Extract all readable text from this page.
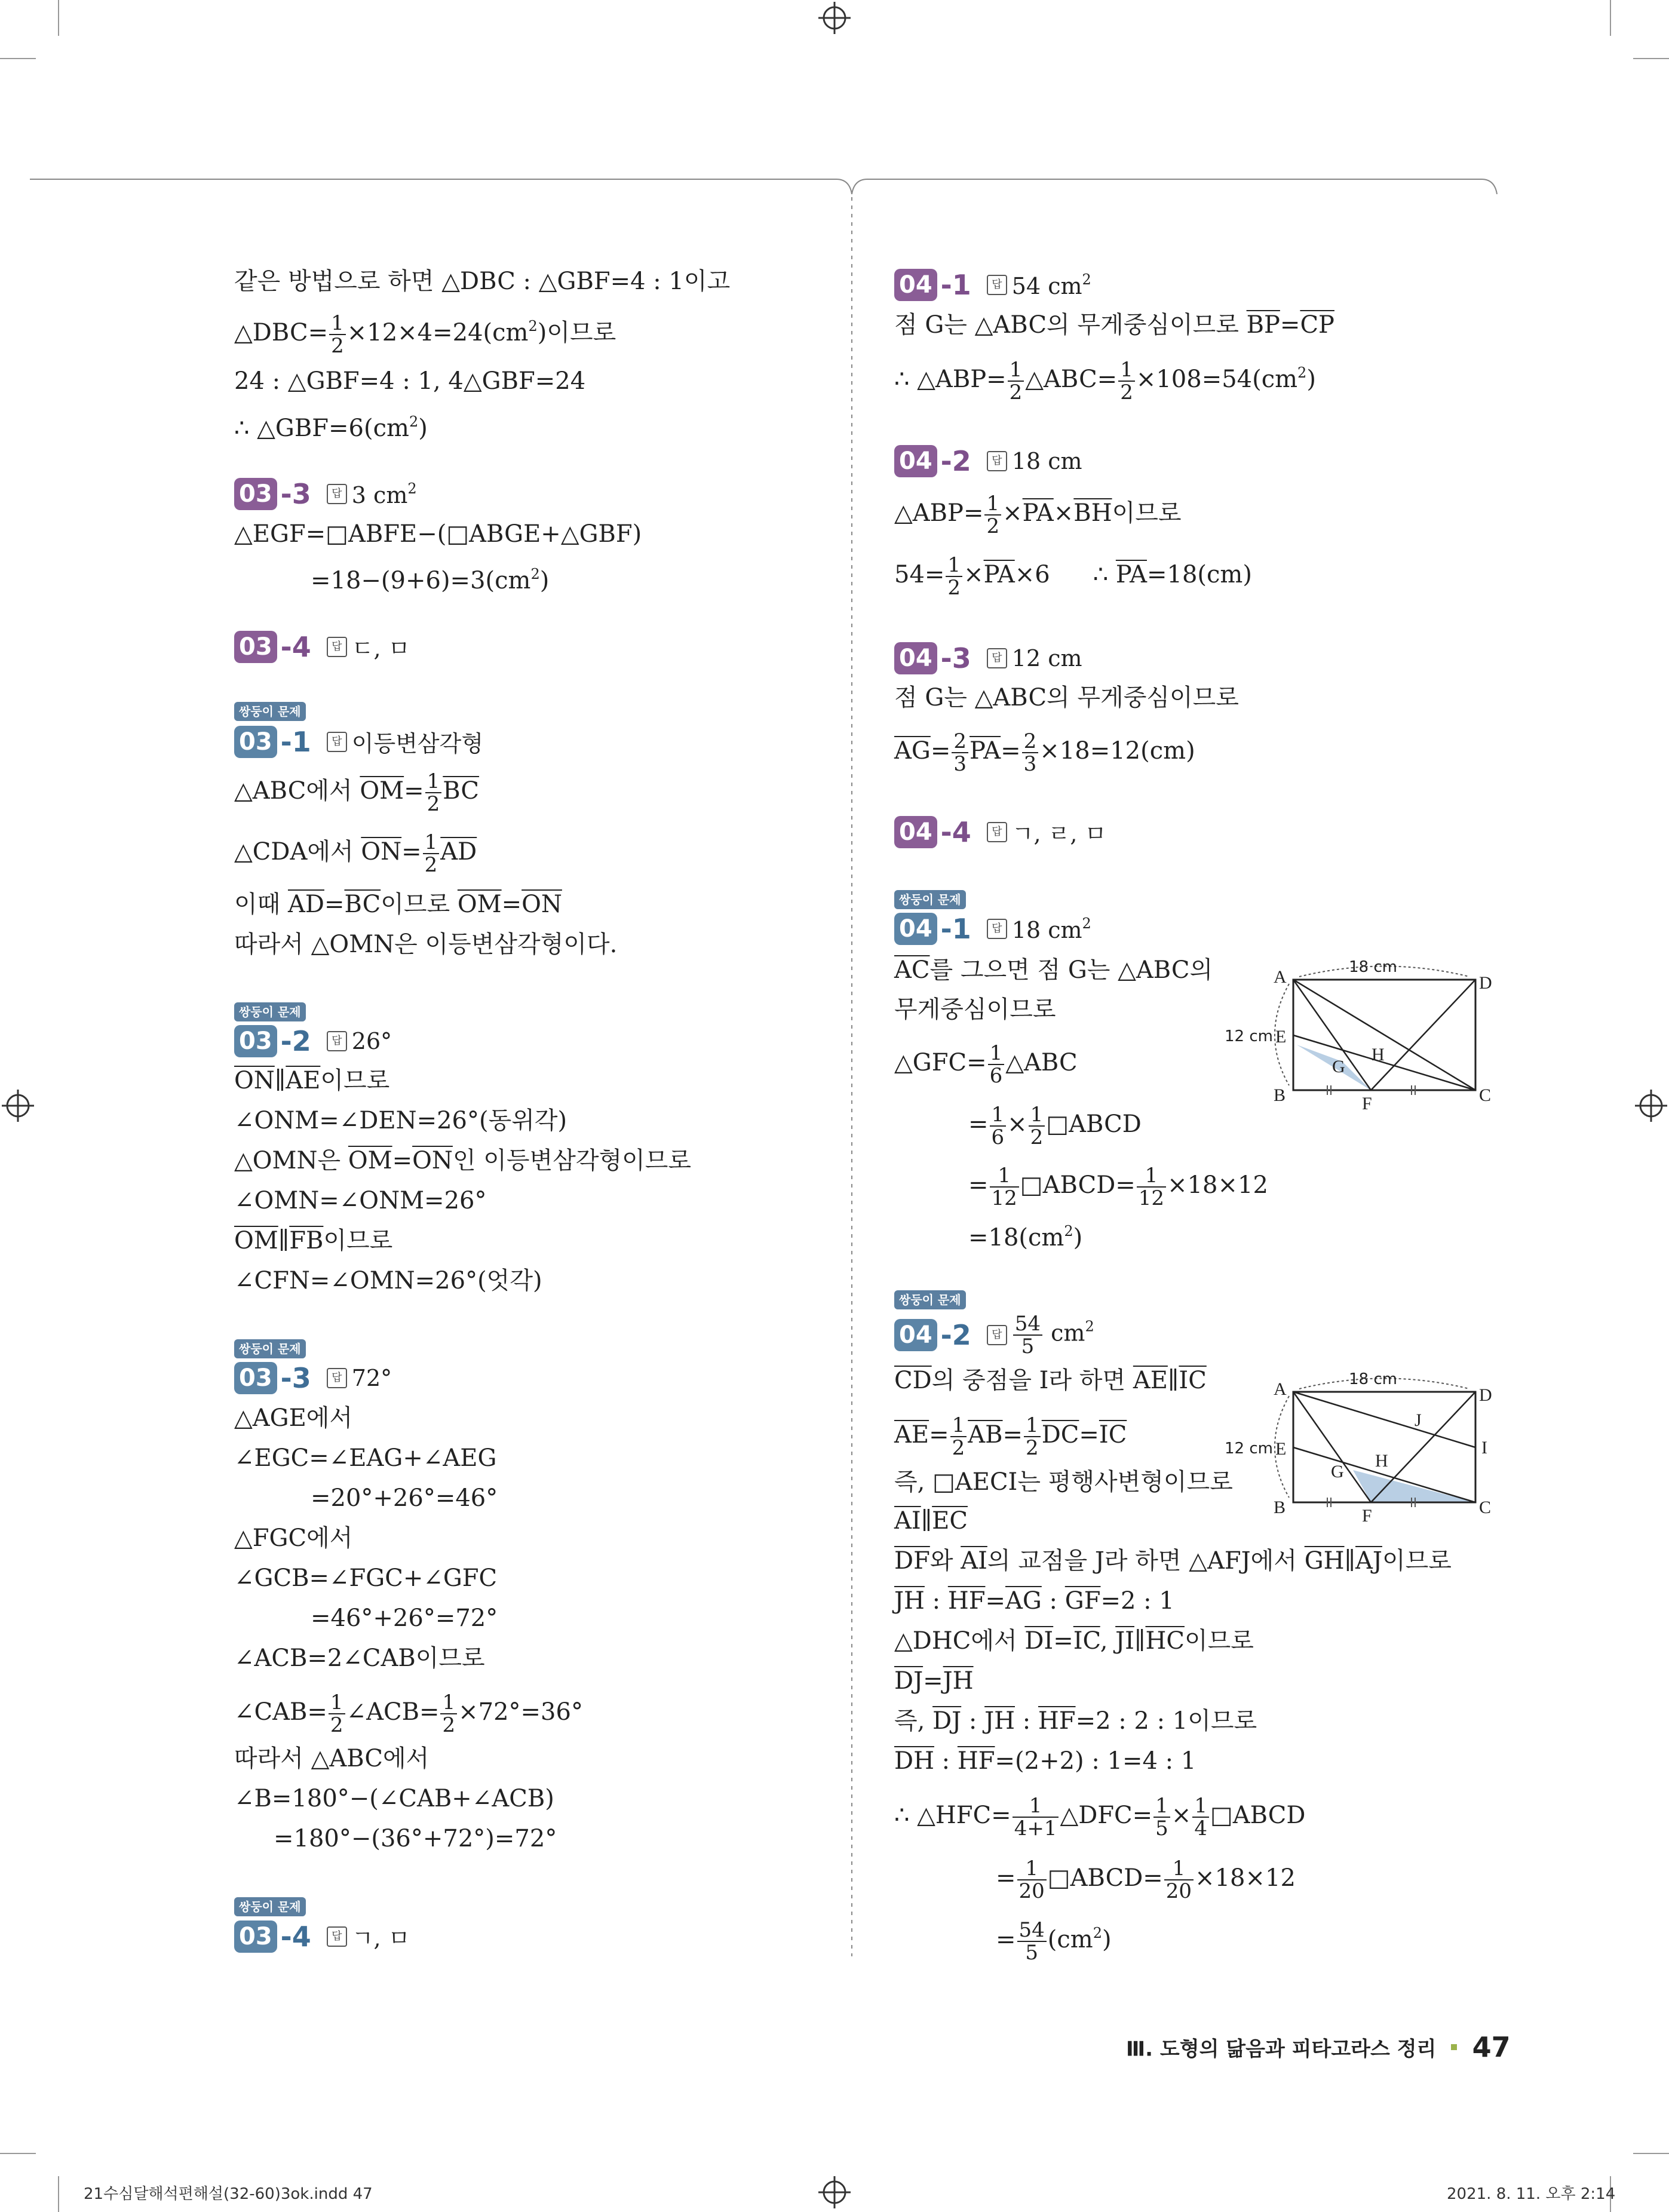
같은 방법으로 하면 △DBC : △GBF=4 : 1이고
△DBC= $\frac{1}{2} \times 12\times 4=24(cm^2)$이므로
24 : △GBF=4 : 1, 4△GBF=24
∴ $\triangle GBF=6(cm^2)$
03 -3 답 3 $cm^2$
△EGF=□ABFE−(□ABGE+△GBF)
$=18-(9+6)=3(cm^2)$
03 -4 답 ㄷ, ㅁ
쌍둥이 문제
03 -1 답 이등변삼각형
△ABC에서 $\overline{OM}= \frac{1}{2} \overline{BC}$
△CDA에서 $\overline{ON}= \frac{1}{2} \overline{AD}$
이때 $\overline{AD}=\overline{BC}$이므로 $\overline{OM}=\overline{ON}$
따라서 △OMN은 이등변삼각형이다.
쌍둥이 문제
03 -2 답 26°
$\overline{ON}\parallel\overline{AE}$이므로
∠ONM=∠DEN=26°(동위각)
△OMN은 $\overline{OM}=\overline{ON}$인 이등변삼각형이므로
∠OMN=∠ONM=26°
$\overline{OM}\parallel\overline{FB}$이므로
∠CFN=∠OMN=26°(엇각)
쌍둥이 문제
03 -3 답 72°
△AGE에서
∠EGC=∠EAG+∠AEG
=20°+26°=46°
△FGC에서
∠GCB=∠FGC+∠GFC
=46°+26°=72°
∠ACB=2∠CAB이므로
∠CAB= $\frac{1}{2}$ ∠ACB= $\frac{1}{2} \times 72^\circ=36^\circ$
따라서 △ABC에서
∠B=180°−(∠CAB+∠ACB)
=180°−(36°+72°)=72°
쌍둥이 문제
03 -4 답 ㄱ, ㅁ
04 -1 답 54 $cm^2$
점 G는 △ABC의 무게중심이므로 $\overline{BP}=\overline{CP}$
∴ △ABP= $\frac{1}{2}$ △ABC= $\frac{1}{2} \times 108=54(cm^2)$
04 -2 답 18 cm
△ABP= $\frac{1}{2} \times\overline{PA}\times\overline{BH}$이므로
$54= \frac{1}{2} \times\overline{PA}\times 6$ ∴ $\overline{PA}=18(cm)$
04 -3 답 12 cm
점 G는 △ABC의 무게중심이므로
$\overline{AG}= \frac{2}{3} \overline{PA}= \frac{2}{3} \times 18=12(cm)$
04 -4 답 ㄱ, ㄹ, ㅁ
쌍둥이 문제
04 -1 답 18 $cm^2$
$\overline{AC}$를 그으면 점 G는 △ABC의
무게중심이므로
△GFC= $\frac{1}{6}$ △ABC
= $\frac{1}{6} \times \frac{1}{2}$ □ABCD
= $\frac{1}{12}$ □ABCD= $\frac{1}{12} \times 18\times 12$
$=18(cm^2)$
쌍둥이 문제
04 -2 답 $\frac{54}{5} cm^2$
$\overline{CD}$의 중점을 I라 하면 $\overline{AE}\parallel\overline{IC}$
$\overline{AE}= \frac{1}{2} \overline{AB}= \frac{1}{2} \overline{DC}=\overline{IC}$
즉, □AECI는 평행사변형이므로
$\overline{AI}\parallel\overline{EC}$
$\overline{DF}$와 $\overline{AI}$의 교점을 J라 하면 △AFJ에서 $\overline{GH}\parallel\overline{AJ}$이므로
$\overline{JH}$ : $\overline{HF}=\overline{AG}$ : $\overline{GF}=2$ : 1
△DHC에서 $\overline{DI}=\overline{IC}$, $\overline{JI}\parallel\overline{HC}$이므로
$\overline{DJ}=\overline{JH}$
즉, $\overline{DJ}$ : $\overline{JH}$ : $\overline{HF}=2$ : 2 : 1이므로
$\overline{DH}$ : $\overline{HF}=(2+2)$ : 1=4 : 1
∴ △HFC= $\frac{1}{4+1}$ △DFC= $\frac{1}{5} \times \frac{1}{4}$ □ABCD
= $\frac{1}{20}$ □ABCD= $\frac{1}{20} \times 18\times 12$
= $\frac{54}{5} (cm^2)$
A
B	C
D
E
F
G
H
18 cm
12 cm
A
B	C
D
E
F
G
H
I
J
18 cm
12 cm
Ⅲ. 도형의 닮음과 피타고라스 정리 47
21수심달해석편해설(32-60)3ok.indd 47	2021. 8. 11. 오후 2:14
